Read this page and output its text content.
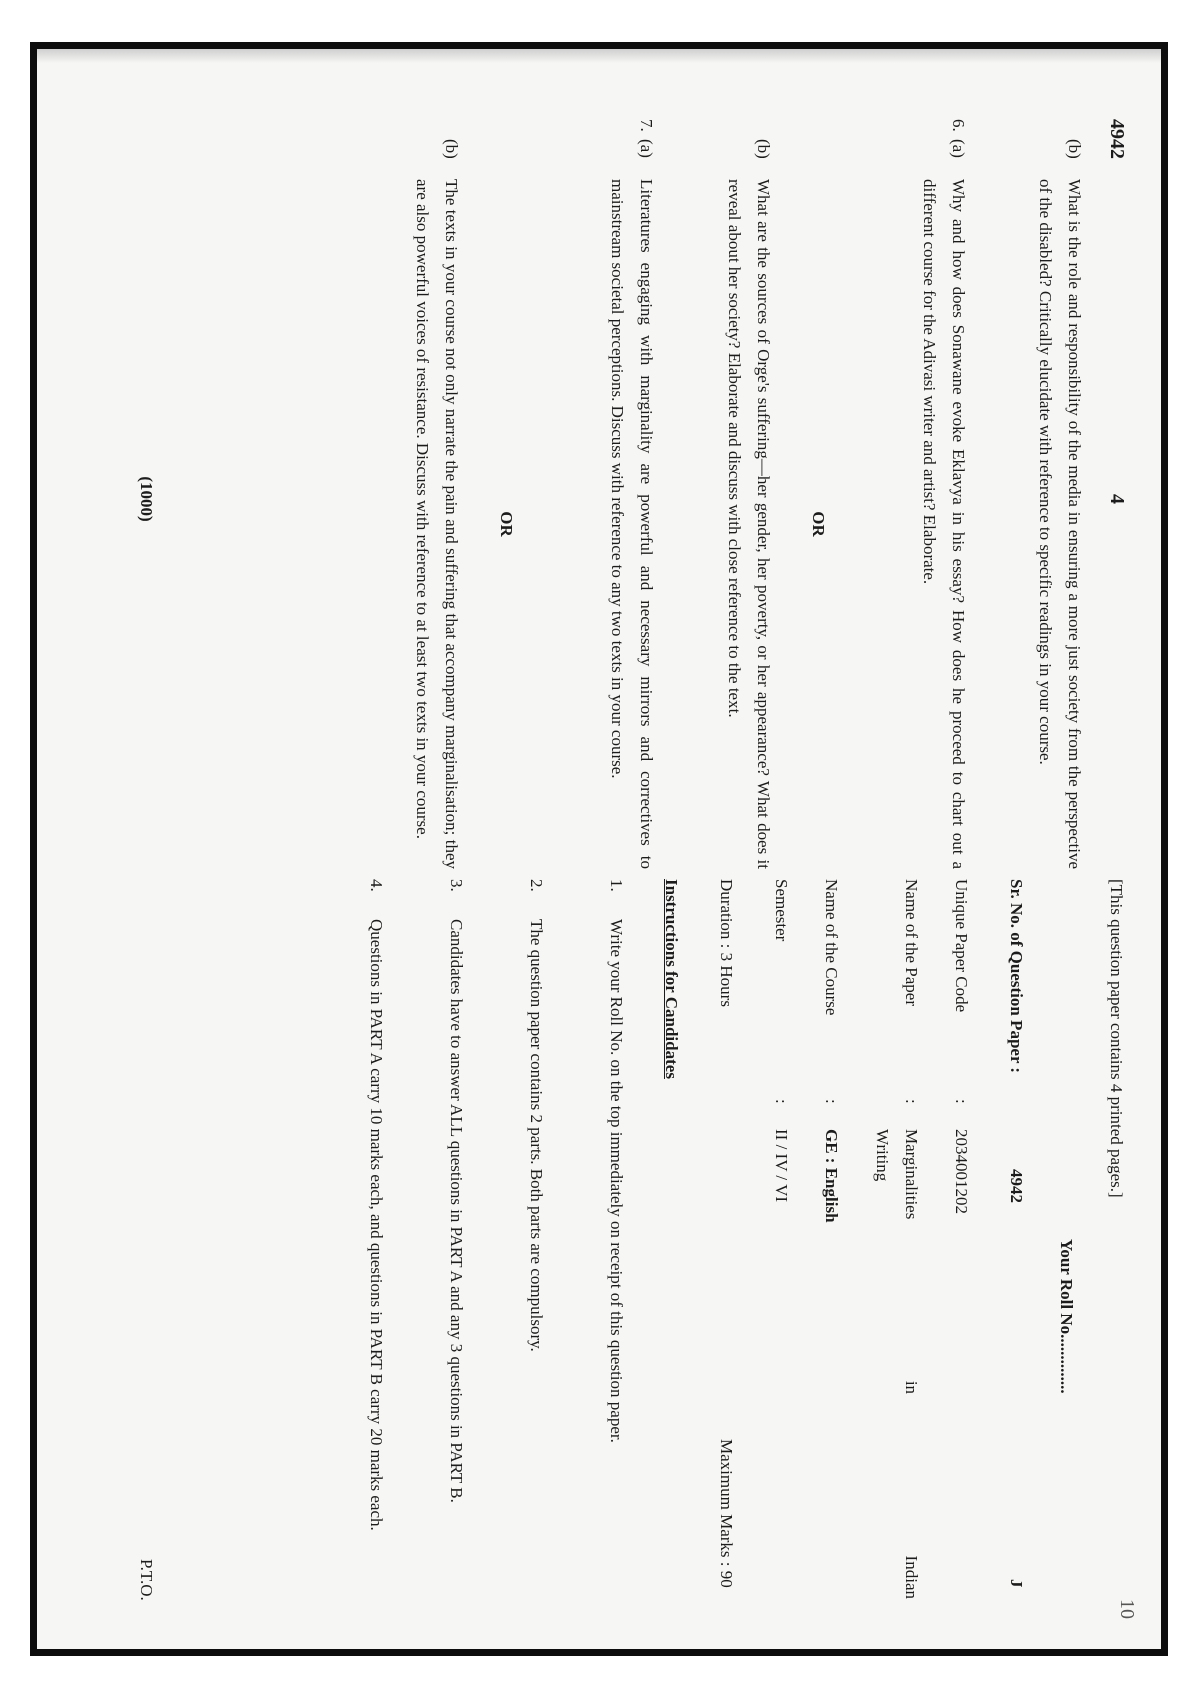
4942
4
(b)
What is the role and responsibility of the media in ensuring a more just society from the perspective of the disabled? Critically elucidate with reference to specific readings in your course.
6.
(a)
Why and how does Sonawane evoke Eklavya in his essay? How does he proceed to chart out a different course for the Adivasi writer and artist? Elaborate.
OR
(b)
What are the sources of Orge's suffering—her gender, her poverty, or her appearance? What does it reveal about her society? Elaborate and discuss with close reference to the text.
7.
(a)
Literatures engaging with marginality are powerful and necessary mirrors and correctives to mainstream societal perceptions. Discuss with reference to any two texts in your course.
OR
(b)
The texts in your course not only narrate the pain and suffering that accompany marginalisation; they are also powerful voices of resistance. Discuss with reference to at least two texts in your course.
(1000)
10
[This question paper contains 4 printed pages.]
Your Roll No..............
Sr. No. of Question Paper :
4942
J
Unique Paper Code
:
2034001202
Name of the Paper
:
Marginalities in Indian
Writing
Name of the Course
:
GE : English
Semester
:
II / IV / VI
Duration : 3 Hours
Maximum Marks : 90
Instructions for Candidates
1.
Write your Roll No. on the top immediately on receipt of this question paper.
2.
The question paper contains 2 parts. Both parts are compulsory.
3.
Candidates have to answer ALL questions in PART A and any 3 questions in PART B.
4.
Questions in PART A carry 10 marks each, and questions in PART B carry 20 marks each.
P.T.O.
